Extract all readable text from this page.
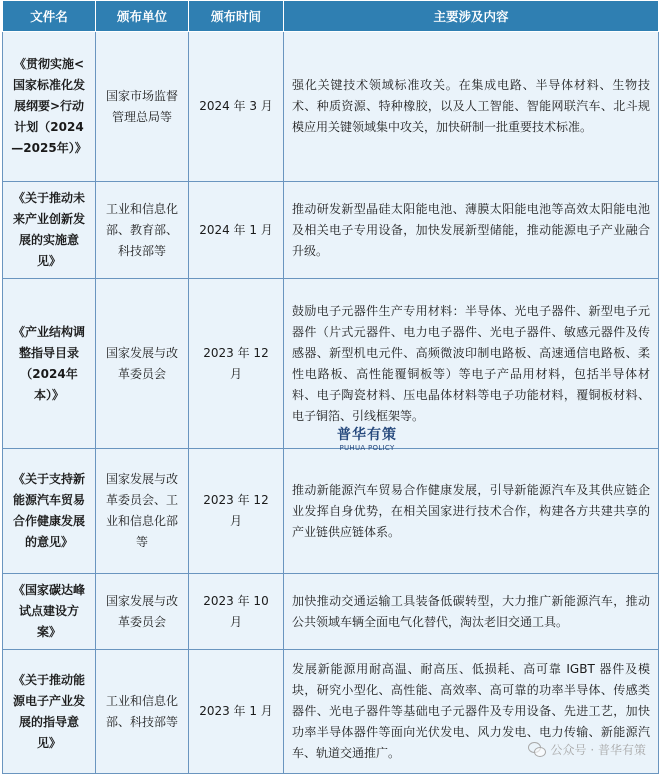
文件名	颁布单位	颁布时间	主要涉及内容
《贯彻实施<国家标准化发展纲要>行动计划（2024—2025年）》	国家市场监督管理总局等	2024 年 3 月	强化关键技术领域标准攻关。在集成电路、半导体材料、生物技术、种质资源、特种橡胶，以及人工智能、智能网联汽车、北斗规模应用关键领域集中攻关，加快研制一批重要技术标准。
《关于推动未来产业创新发展的实施意见》	工业和信息化部、教育部、科技部等	2024 年 1 月	推动研发新型晶硅太阳能电池、薄膜太阳能电池等高效太阳能电池及相关电子专用设备，加快发展新型储能，推动能源电子产业融合升级。
《产业结构调整指导目录（2024年本）》	国家发展与改革委员会	2023 年 12 月	鼓励电子元器件生产专用材料：半导体、光电子器件、新型电子元器件（片式元器件、电力电子器件、光电子器件、敏感元器件及传感器、新型机电元件、高频微波印制电路板、高速通信电路板、柔性电路板、高性能覆铜板等）等电子产品用材料，包括半导体材料、电子陶瓷材料、压电晶体材料等电子功能材料，覆铜板材料、电子铜箔、引线框架等。
《关于支持新能源汽车贸易合作健康发展的意见》	国家发展与改革委员会、工业和信息化部等	2023 年 12 月	推动新能源汽车贸易合作健康发展，引导新能源汽车及其供应链企业发挥自身优势，在相关国家进行技术合作，构建各方共建共享的产业链供应链体系。
《国家碳达峰试点建设方案》	国家发展与改革委员会	2023 年 10 月	加快推动交通运输工具装备低碳转型，大力推广新能源汽车，推动公共领域车辆全面电气化替代，淘汰老旧交通工具。
《关于推动能源电子产业发展的指导意见》	工业和信息化部、科技部等	2023 年 1 月	发展新能源用耐高温、耐高压、低损耗、高可靠 IGBT 器件及模块，研究小型化、高性能、高效率、高可靠的功率半导体、传感类器件、光电子器件等基础电子元器件及专用设备、先进工艺，加快功率半导体器件等面向光伏发电、风力发电、电力传输、新能源汽车、轨道交通推广。
普华有策
PUHUA POLICY
公众号 · 普华有策
